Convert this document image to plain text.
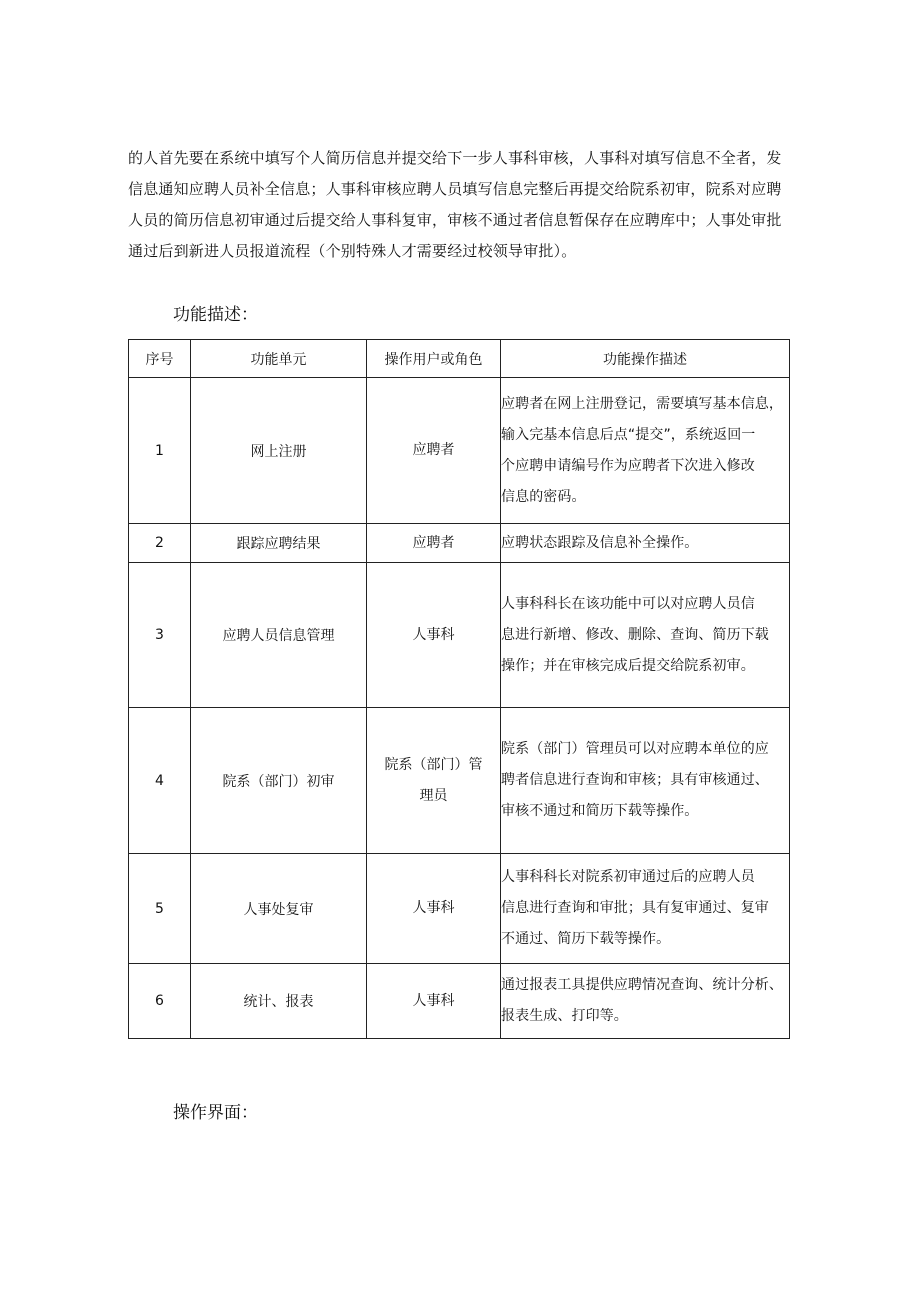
的人首先要在系统中填写个人简历信息并提交给下一步人事科审核，人事科对填写信息不全者，发
信息通知应聘人员补全信息；人事科审核应聘人员填写信息完整后再提交给院系初审，院系对应聘
人员的简历信息初审通过后提交给人事科复审，审核不通过者信息暂保存在应聘库中；人事处审批
通过后到新进人员报道流程（个别特殊人才需要经过校领导审批）。
功能描述：
序号	功能单元	操作用户或角色	功能操作描述
1	网上注册	应聘者	应聘者在网上注册登记，需要填写基本信息，
输入完基本信息后点“提交”，系统返回一
个应聘申请编号作为应聘者下次进入修改
信息的密码。

2	跟踪应聘结果	应聘者	应聘状态跟踪及信息补全操作。

3	应聘人员信息管理	人事科	人事科科长在该功能中可以对应聘人员信
息进行新增、修改、删除、查询、简历下载
操作；并在审核完成后提交给院系初审。

4	院系（部门）初审	院系（部门）管
理员	院系（部门）管理员可以对应聘本单位的应
聘者信息进行查询和审核；具有审核通过、
审核不通过和简历下载等操作。

5	人事处复审	人事科	人事科科长对院系初审通过后的应聘人员
信息进行查询和审批；具有复审通过、复审
不通过、简历下载等操作。

6	统计、报表	人事科	通过报表工具提供应聘情况查询、统计分析、
报表生成、打印等。
操作界面：
